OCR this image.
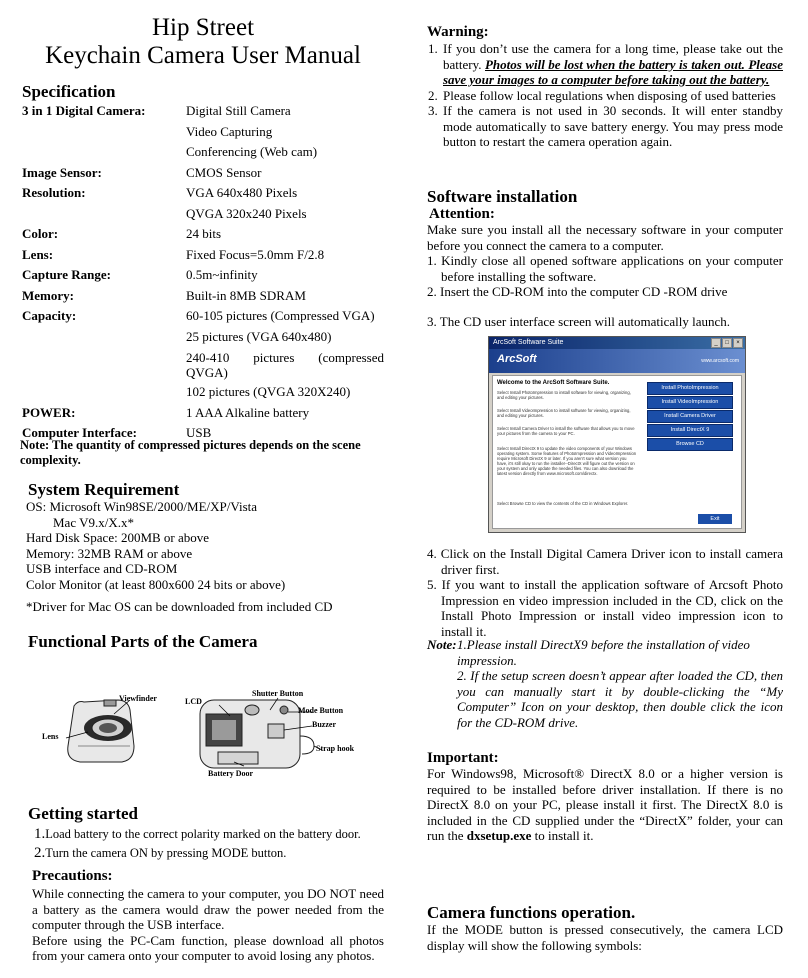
Hip Street

Keychain Camera User Manual

Specification
3 in 1 Digital Camera:	Digital Still Camera
Video Capturing
Conferencing (Web cam)
Image Sensor:	CMOS Sensor
Resolution:	VGA 640x480 Pixels
QVGA 320x240 Pixels
Color:	24 bits
Lens:	Fixed Focus=5.0mm F/2.8
Capture Range:	0.5m~infinity
Memory:	Built-in 8MB SDRAM
Capacity:	60-105 pictures (Compressed VGA)
25 pictures (VGA 640x480)
240-410 pictures (compressed QVGA)
102 pictures (QVGA 320X240)
POWER:	1 AAA Alkaline battery
Computer Interface:	USB
Note: The quantity of compressed pictures depends on the scene complexity.
System Requirement
OS: Microsoft Win98SE/2000/ME/XP/Vista
Mac V9.x/X.x*
Hard Disk Space: 200MB or above
Memory: 32MB RAM or above
USB interface and CD-ROM
Color Monitor (at least 800x600 24 bits or above)
*Driver for Mac OS can be downloaded from included CD
Functional Parts of the Camera
Viewfinder	LCD
Shutter Button
Mode Button
Buzzer
Lens
Strap hook
Battery Door
Getting started
1.Load battery to the correct polarity marked on the battery door.
2.Turn the camera ON by pressing MODE button.
Precautions:

While connecting the camera to your computer, you DO NOT need a battery as the camera would draw the power needed from the computer through the USB interface.

Before using the PC-Cam function, please download all photos from your camera onto your computer to avoid losing any photos.

Warning:
1. If you don’t use the camera for a long time, please take out the battery. Photos will be lost when the battery is taken out. Please save your images to a computer before taking out the battery.
2. Please follow local regulations when disposing of used batteries
3. If the camera is not used in 30 seconds. It will enter standby mode automatically to save battery energy. You may press mode button to restart the camera operation again.
Software installation
Attention:

Make sure you install all the necessary software in your computer before you connect the camera to a computer.

1. Kindly close all opened software applications on your computer before installing the software.

2. Insert the CD-ROM into the computer CD -ROM drive

3. The CD user interface screen will automatically launch.

ArcSoft Software Suite	_	□	×
ArcSoft	www.arcsoft.com
Welcome to the ArcSoft Software Suite.
Select Install PhotoImpression to install software for viewing, organizing, and editing your pictures.
Select Install VideoImpression to install software for viewing, organizing, and editing your pictures.
Select Install Camera Driver to install the software that allows you to move your pictures from the camera to your PC.
Select Install DirectX 9 to update the video components of your Windows operating system. Some features of PhotoImpression and VideoImpression require Microsoft DirectX 9 or later. If you aren't sure what version you have, it's still okay to run the installer--DirectX will figure out the version on your system and only update the needed files. You can also download the latest version directly from www.microsoft.com/directx.
Select Browse CD to view the contents of the CD in Windows Explorer.
Install PhotoImpression
Install VideoImpression
Install Camera Driver
Install DirectX 9
Browse CD
Exit

4. Click on the Install Digital Camera Driver icon to install camera driver first.

5. If you want to install the application software of Arcsoft Photo Impression en video impression included in the CD, click on the Install Photo Impression or install video impression icon to install it.

Note: 1.Please install DirectX9 before the installation of video impression.
2. If the setup screen doesn’t appear after loaded the CD, then you can manually start it by double-clicking the “My Computer” Icon on your desktop, then double click the icon for the CD-ROM drive.
Important:

For Windows98, Microsoft® DirectX 8.0 or a higher version is required to be installed before driver installation. If there is no DirectX 8.0 on your PC, please install it first. The DirectX 8.0 is included in the CD supplied under the “DirectX” folder, your can run the dxsetup.exe to install it.

Camera functions operation.

If the MODE button is pressed consecutively, the camera LCD display will show the following symbols:
